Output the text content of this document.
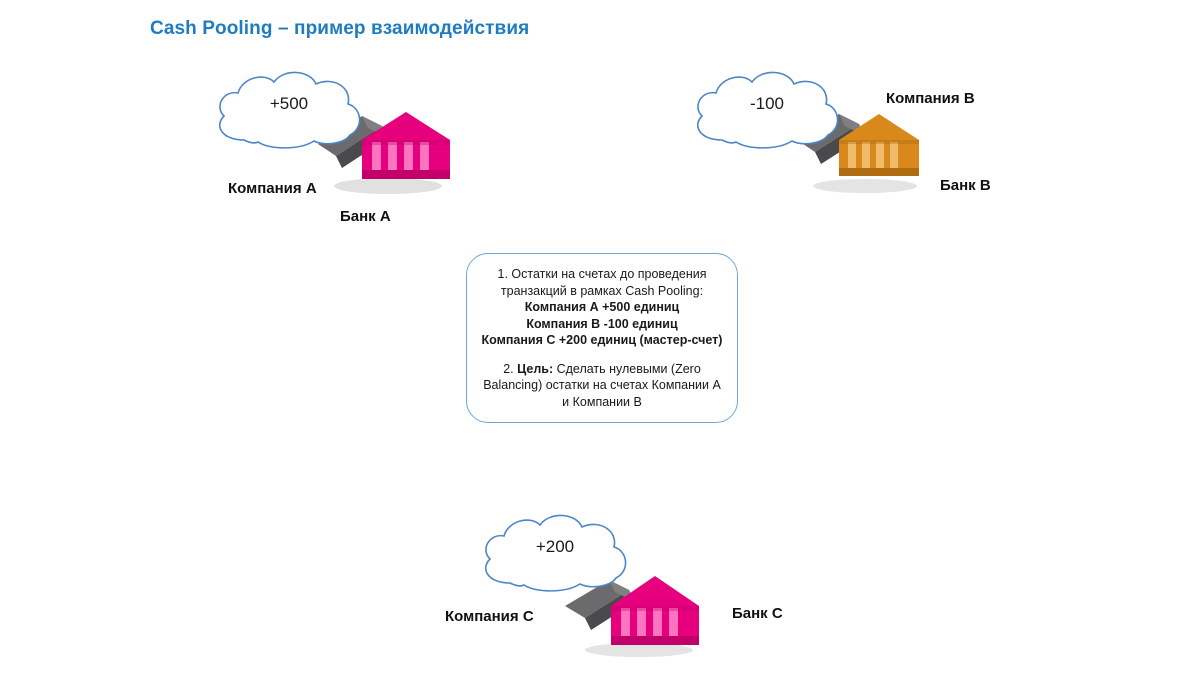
Cash Pooling – пример взаимодействия
+500
Компания A
Банк А
-100	Компания B
Банк B
1. Остатки на счетах до проведения
транзакций в рамках Cash Pooling:
Компания А +500 единиц
Компания B -100 единиц
Компания C +200 единиц (мастер-счет)
2. Цель: Сделать нулевыми (Zero Balancing) остатки на счетах Компании A и Компании B
+200
Компания C	Банк C
